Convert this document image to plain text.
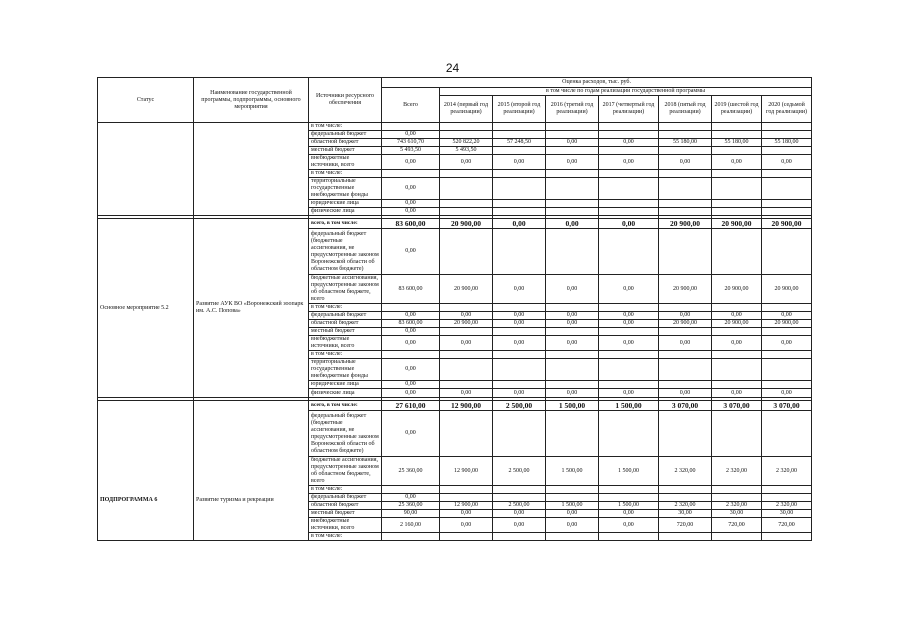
24
Статус	Наименование государственной программы, подпрограммы, основного мероприятия	Источники ресурсного обеспечения	Оценка расходов, тыс. руб.							
			Всего	в том числе по годам реализации государственной программы						
				2014 (первый год реализации)	2015 (второй год реализации)	2016 (третий год реализации)	2017 (четвертый год реализации)	2018 (пятый год реализации)	2019 (шестой год реализации)	2020 (седьмой год реализации)
		в том числе:								
		федеральный бюджет	0,00							
		областной бюджет	743 610,70	520 822,20	57 248,50	0,00	0,00	55 180,00	55 180,00	55 180,00
		местный бюджет	5 493,50	5 493,50						
		внебюджетные источники, всего	0,00	0,00	0,00	0,00	0,00	0,00	0,00	0,00
		в том числе:								
		территориальные государственные внебюджетные фонды	0,00							
		юридические лица	0,00							
		физические лица	0,00							

Основное мероприятие 5.2	Развитие АУК ВО «Воронежский зоопарк им. А.С. Попова»	всего, в том числе:	83 600,00	20 900,00	0,00	0,00	0,00	20 900,00	20 900,00	20 900,00
		федеральный бюджет (бюджетные ассигнования, не предусмотренные законом Воронежской области об областном бюджете)	0,00							
		бюджетные ассигнования, предусмотренные законом об областном бюджете, всего	83 600,00	20 900,00	0,00	0,00	0,00	20 900,00	20 900,00	20 900,00
		в том числе:								
		федеральный бюджет	0,00	0,00	0,00	0,00	0,00	0,00	0,00	0,00
		областной бюджет	83 600,00	20 900,00	0,00	0,00	0,00	20 900,00	20 900,00	20 900,00
		местный бюджет	0,00							
		внебюджетные источники, всего	0,00	0,00	0,00	0,00	0,00	0,00	0,00	0,00
		в том числе:								
		территориальные государственные внебюджетные фонды	0,00							
		юридические лица	0,00							
		физические лица	0,00	0,00	0,00	0,00	0,00	0,00	0,00	0,00

ПОДПРОГРАММА 6	Развитие туризма и рекреации	всего, в том числе:	27 610,00	12 900,00	2 500,00	1 500,00	1 500,00	3 070,00	3 070,00	3 070,00
		федеральный бюджет (бюджетные ассигнования, не предусмотренные законом Воронежской области об областном бюджете)	0,00							
		бюджетные ассигнования, предусмотренные законом об областном бюджете, всего	25 360,00	12 900,00	2 500,00	1 500,00	1 500,00	2 320,00	2 320,00	2 320,00
		в том числе:								
		федеральный бюджет	0,00							
		областной бюджет	25 360,00	12 900,00	2 500,00	1 500,00	1 500,00	2 320,00	2 320,00	2 320,00
		местный бюджет	90,00	0,00	0,00	0,00	0,00	30,00	30,00	30,00
		внебюджетные источники, всего	2 160,00	0,00	0,00	0,00	0,00	720,00	720,00	720,00
		в том числе:								
